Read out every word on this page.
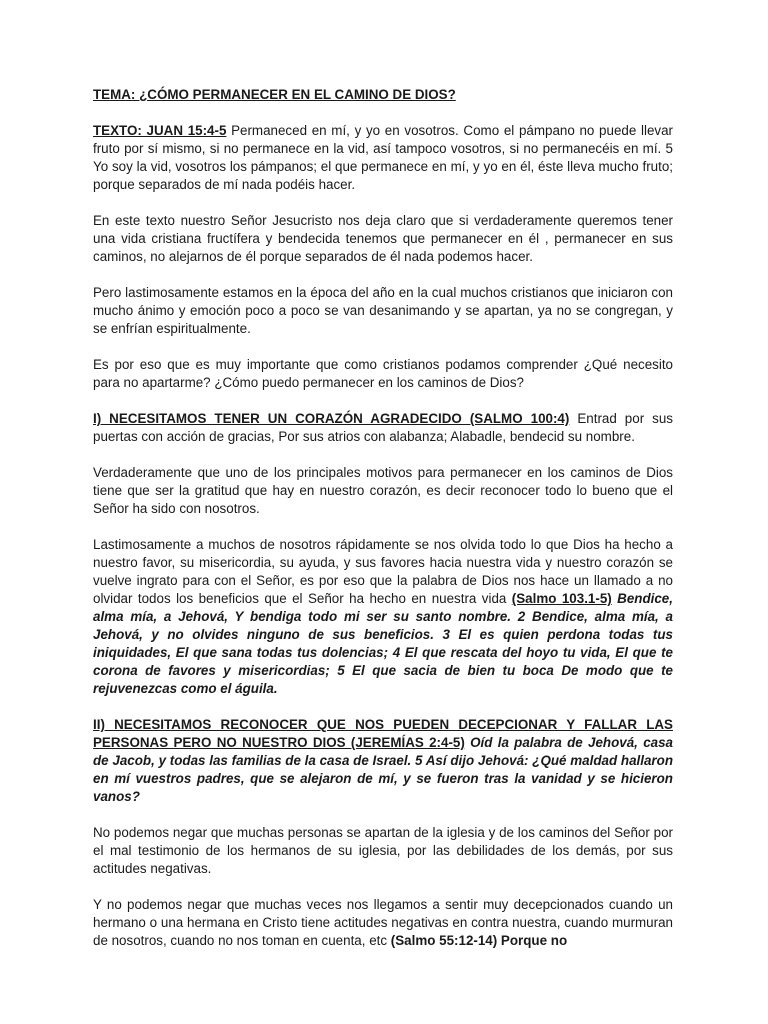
TEMA: ¿CÓMO PERMANECER EN EL CAMINO DE DIOS?

TEXTO: JUAN 15:4-5 Permaneced en mí, y yo en vosotros. Como el pámpano no puede llevar fruto por sí mismo, si no permanece en la vid, así tampoco vosotros, si no permanecéis en mí. 5 Yo soy la vid, vosotros los pámpanos; el que permanece en mí, y yo en él, éste lleva mucho fruto; porque separados de mí nada podéis hacer.

En este texto nuestro Señor Jesucristo nos deja claro que si verdaderamente queremos tener una vida cristiana fructífera y bendecida tenemos que permanecer en él , permanecer en sus caminos, no alejarnos de él porque separados de él nada podemos hacer.

Pero lastimosamente estamos en la época del año en la cual muchos cristianos que iniciaron con mucho ánimo y emoción poco a poco se van desanimando y se apartan, ya no se congregan, y se enfrían espiritualmente.

Es por eso que es muy importante que como cristianos podamos comprender ¿Qué necesito para no apartarme? ¿Cómo puedo permanecer en los caminos de Dios?

I) NECESITAMOS TENER UN CORAZÓN AGRADECIDO (SALMO 100:4) Entrad por sus puertas con acción de gracias, Por sus atrios con alabanza; Alabadle, bendecid su nombre.

Verdaderamente que uno de los principales motivos para permanecer en los caminos de Dios tiene que ser la gratitud que hay en nuestro corazón, es decir reconocer todo lo bueno que el Señor ha sido con nosotros.

Lastimosamente a muchos de nosotros rápidamente se nos olvida todo lo que Dios ha hecho a nuestro favor, su misericordia, su ayuda, y sus favores hacia nuestra vida y nuestro corazón se vuelve ingrato para con el Señor, es por eso que la palabra de Dios nos hace un llamado a no olvidar todos los beneficios que el Señor ha hecho en nuestra vida (Salmo 103.1-5) Bendice, alma mía, a Jehová, Y bendiga todo mi ser su santo nombre. 2 Bendice, alma mía, a Jehová, y no olvides ninguno de sus beneficios. 3 El es quien perdona todas tus iniquidades, El que sana todas tus dolencias; 4 El que rescata del hoyo tu vida, El que te corona de favores y misericordias; 5 El que sacia de bien tu boca De modo que te rejuvenezcas como el águila.

II) NECESITAMOS RECONOCER QUE NOS PUEDEN DECEPCIONAR Y FALLAR LAS PERSONAS PERO NO NUESTRO DIOS (JEREMÍAS 2:4-5) Oíd la palabra de Jehová, casa de Jacob, y todas las familias de la casa de Israel. 5 Así dijo Jehová: ¿Qué maldad hallaron en mí vuestros padres, que se alejaron de mí, y se fueron tras la vanidad y se hicieron vanos?

No podemos negar que muchas personas se apartan de la iglesia y de los caminos del Señor por el mal testimonio de los hermanos de su iglesia, por las debilidades de los demás, por sus actitudes negativas.

Y no podemos negar que muchas veces nos llegamos a sentir muy decepcionados cuando un hermano o una hermana en Cristo tiene actitudes negativas en contra nuestra, cuando murmuran de nosotros, cuando no nos toman en cuenta, etc (Salmo 55:12-14) Porque no
